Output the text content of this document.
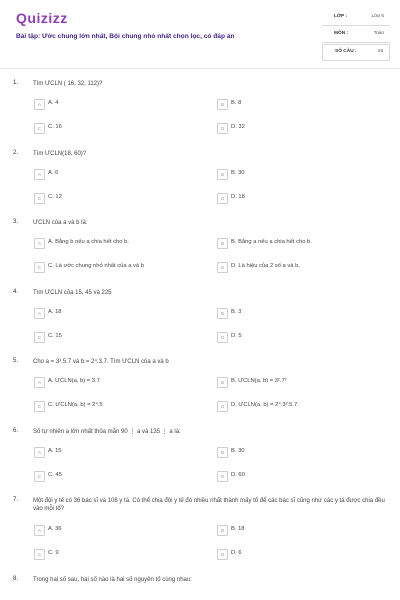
Quizizz
Bài tập: Ước chung lớn nhất, Bội chung nhỏ nhất chọn lọc, có đáp án
LỚP :	Lớp 6
MÔN :	Toán
SỐ CÂU :	16
1. Tìm ƯCLN ( 16, 32, 112)?
A	A. 4	B	B. 8
C	C. 16	D	D. 32
2. Tìm ƯCLN(18, 60)?
A	A. 6	B	B. 30
C	C. 12	D	D. 18
3. ƯCLN của a và b là:
A	A. Bằng b nếu a chia hết cho b.	B	B. Bằng a nếu a chia hết cho b.
C	C. Là ước chung nhỏ nhất của a và b	D	D. Là hiệu của 2 số a và b.
4. Tìm ƯCLN của 15, 45 và 225
A	A. 18	B	B. 3
C	C. 15	D	D. 5
5. Cho a = 3³.5.7 và b = 2⁴.3.7. Tìm ƯCLN của a và b
A	A. ƯCLN(a, b) = 3.7	B	B. ƯCLN(a, b) = 3².7²
C	C. ƯCLN(a, b) = 2⁴.5	D	D. ƯCLN(a, b) = 2⁴.3².5.7
6. Số tự nhiên a lớn nhất thỏa mãn 90 ⋮ a và 135 ⋮ a là:
A	A. 15	B	B. 30
C	C. 45	D	D. 60
7. Một đội y tế có 36 bác sĩ và 108 y tá. Có thể chia đội y tế đó nhiều nhất thành mấy tổ để các bác sĩ cũng như các y tá được chia đều vào mỗi tổ?
A	A. 36	B	B. 18
C	C. 9	D	D. 6
8. Trong hai số sau, hai số nào là hai số nguyên tố cùng nhau:
